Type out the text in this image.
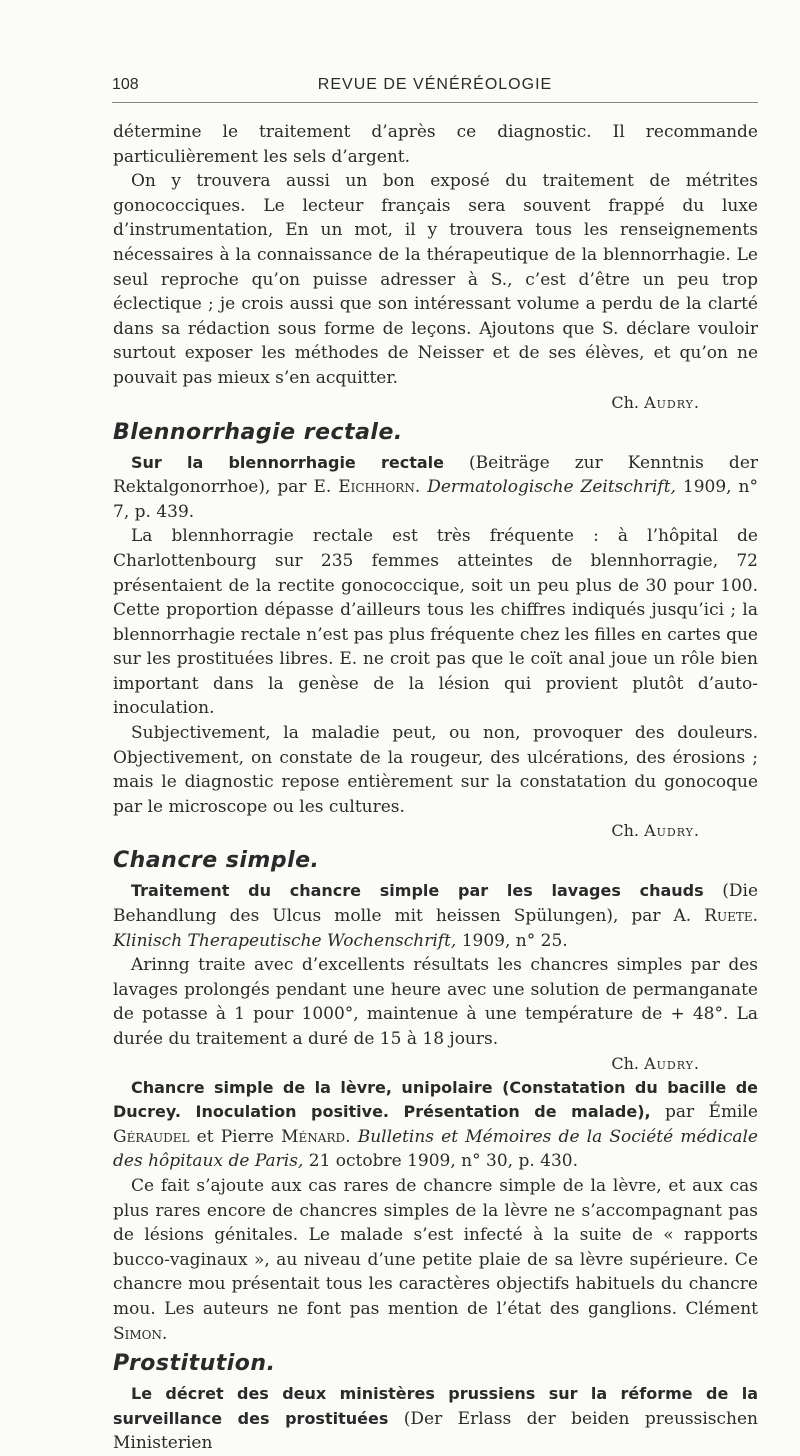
108	REVUE DE VÉNÉRÉOLOGIE

détermine le traitement d’après ce diagnostic. Il recommande particulièrement les sels d’argent.

On y trouvera aussi un bon exposé du traitement de métrites gonococciques. Le lecteur français sera souvent frappé du luxe d’instrumentation, En un mot, il y trouvera tous les renseignements nécessaires à la connaissance de la thérapeutique de la blennorrhagie. Le seul reproche qu’on puisse adresser à S., c’est d’être un peu trop éclectique ; je crois aussi que son intéressant volume a perdu de la clarté dans sa rédaction sous forme de leçons. Ajoutons que S. déclare vouloir surtout exposer les méthodes de Neisser et de ses élèves, et qu’on ne pouvait pas mieux s’en acquitter.

Ch. Audry.

Blennorrhagie rectale.

Sur la blennorrhagie rectale (Beiträge zur Kenntnis der Rektalgonorrhoe), par E. Eichhorn. Dermatologische Zeitschrift, 1909, n° 7, p. 439.

La blennhorragie rectale est très fréquente : à l’hôpital de Charlottenbourg sur 235 femmes atteintes de blennhorragie, 72 présentaient de la rectite gonococcique, soit un peu plus de 30 pour 100. Cette proportion dépasse d’ailleurs tous les chiffres indiqués jusqu’ici ; la blennorrhagie rectale n’est pas plus fréquente chez les filles en cartes que sur les prostituées libres. E. ne croit pas que le coït anal joue un rôle bien important dans la genèse de la lésion qui provient plutôt d’auto-inoculation.

Subjectivement, la maladie peut, ou non, provoquer des douleurs. Objectivement, on constate de la rougeur, des ulcérations, des érosions ; mais le diagnostic repose entièrement sur la constatation du gonocoque par le microscope ou les cultures.

Ch. Audry.

Chancre simple.

Traitement du chancre simple par les lavages chauds (Die Behandlung des Ulcus molle mit heissen Spülungen), par A. Ruete. Klinisch Therapeutische Wochenschrift, 1909, n° 25.

Arinng traite avec d’excellents résultats les chancres simples par des lavages prolongés pendant une heure avec une solution de permanganate de potasse à 1 pour 1000°, maintenue à une température de + 48°. La durée du traitement a duré de 15 à 18 jours.

Ch. Audry.

Chancre simple de la lèvre, unipolaire (Constatation du bacille de Ducrey. Inoculation positive. Présentation de malade), par Émile Géraudel et Pierre Ménard. Bulletins et Mémoires de la Société médicale des hôpitaux de Paris, 21 octobre 1909, n° 30, p. 430.

Ce fait s’ajoute aux cas rares de chancre simple de la lèvre, et aux cas plus rares encore de chancres simples de la lèvre ne s’accompagnant pas de lésions génitales. Le malade s’est infecté à la suite de « rapports bucco-vaginaux », au niveau d’une petite plaie de sa lèvre supérieure. Ce chancre mou présentait tous les caractères objectifs habituels du chancre mou. Les auteurs ne font pas mention de l’état des ganglions. Clément Simon.

Prostitution.

Le décret des deux ministères prussiens sur la réforme de la surveillance des prostituées (Der Erlass der beiden preussischen Ministerien
